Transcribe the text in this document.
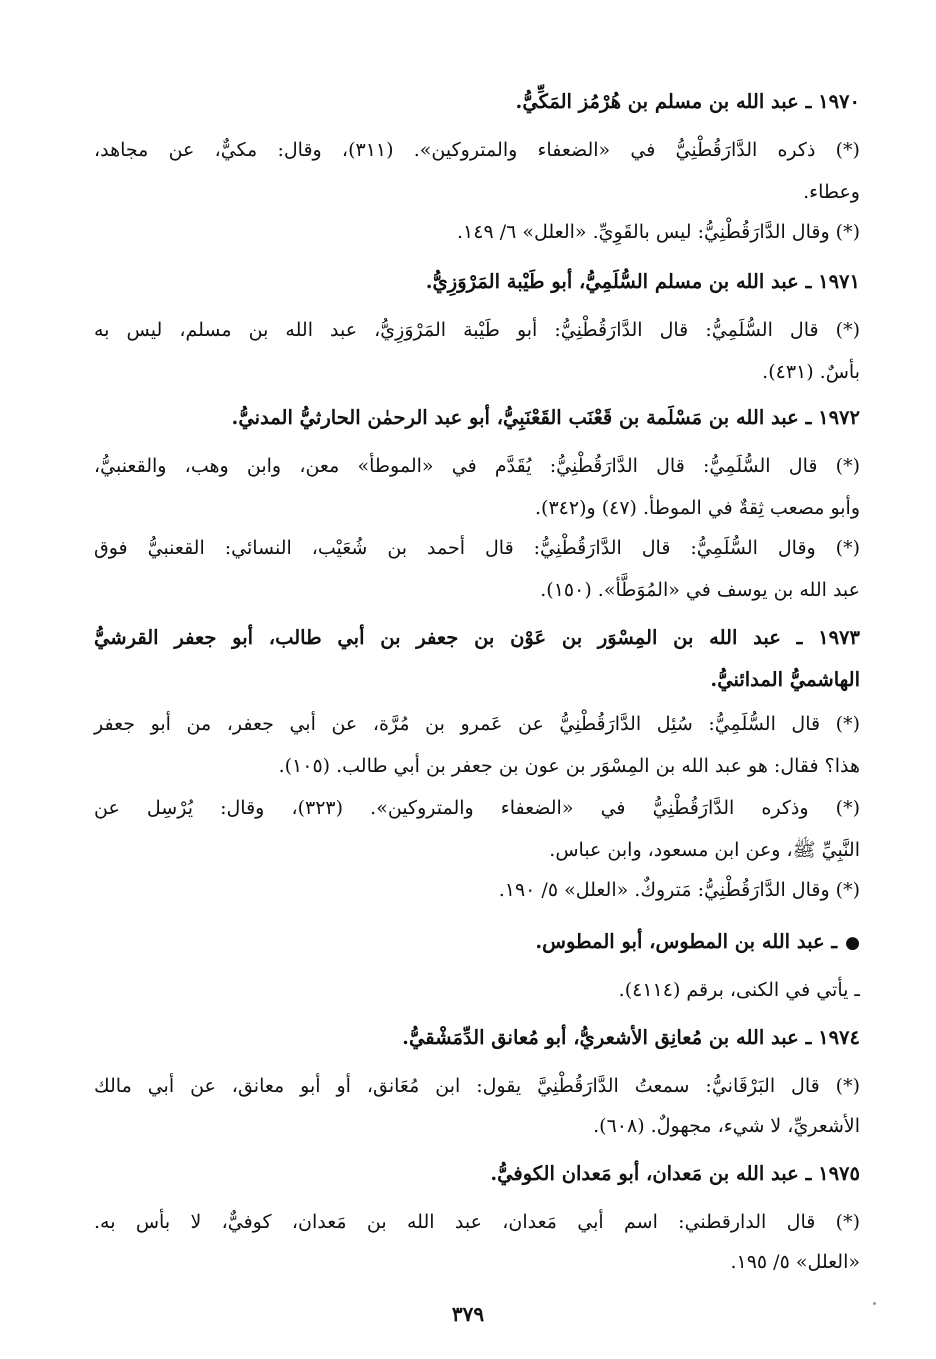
١٩٧٠ ـ عبد الله بن مسلم بن هُرْمُز المَكِّيُّ.
(*) ذكره الدَّارَقُطْنِيُّ في «الضعفاء والمتروكين». (٣١١)، وقال: مكيٌّ، عن مجاهد،
وعطاء.
(*) وقال الدَّارَقُطْنِيُّ: ليس بالقَوِيِّ. «العلل» ٦/ ١٤٩.
١٩٧١ ـ عبد الله بن مسلم السُّلَمِيُّ، أبو طَيْبة المَرْوَزِيُّ.
(*) قال السُّلَمِيُّ: قال الدَّارَقُطْنِيُّ: أبو طَيْبة المَرْوَزِيُّ، عبد الله بن مسلم، ليس به
بأسٌ. (٤٣١).
١٩٧٢ ـ عبد الله بن مَسْلَمة بن قَعْنَب القَعْنَبِيُّ، أبو عبد الرحمٰن الحارثيُّ المدنيُّ.
(*) قال السُّلَمِيُّ: قال الدَّارَقُطْنِيُّ: يُقَدَّم في «الموطأ» معن، وابن وهب، والقعنبيُّ،
وأبو مصعب ثِقةٌ في الموطأ. (٤٧) و(٣٤٢).
(*) وقال السُّلَمِيُّ: قال الدَّارَقُطْنِيُّ: قال أحمد بن شُعَيْب، النسائي: القعنبيُّ فوق
عبد الله بن يوسف في «المُوَطَّأ». (١٥٠).
١٩٧٣ ـ عبد الله بن المِسْوَر بن عَوْن بن جعفر بن أبي طالب، أبو جعفر القرشيُّ
الهاشميُّ المدائنيُّ.
(*) قال السُّلَمِيُّ: سُئِل الدَّارَقُطْنِيُّ عن عَمرو بن مُرَّة، عن أبي جعفر، من أبو جعفر
هذا؟ فقال: هو عبد الله بن المِسْوَر بن عون بن جعفر بن أبي طالب. (١٠٥).
(*) وذكره الدَّارَقُطْنِيُّ في «الضعفاء والمتروكين». (٣٢٣)، وقال: يُرْسِل عن
النَّبِيِّ ﷺ، وعن ابن مسعود، وابن عباس.
(*) وقال الدَّارَقُطْنِيُّ: مَتروكٌ. «العلل» ٥/ ١٩٠.
●ـ عبد الله بن المطوس، أبو المطوس.
ـ يأتي في الكنى، برقم (٤١١٤).
١٩٧٤ ـ عبد الله بن مُعانِق الأشعريُّ، أبو مُعانق الدِّمَشْقيُّ.
(*) قال البَرْقَانيُّ: سمعتُ الدَّارَقُطْنِيَّ يقول: ابن مُعَانق، أو أبو معانق، عن أبي مالك
الأشعريِّ، لا شيء، مجهولٌ. (٦٠٨).
١٩٧٥ ـ عبد الله بن مَعدان، أبو مَعدان الكوفيُّ.
(*) قال الدارقطني: اسم أبي مَعدان، عبد الله بن مَعدان، كوفيٌّ، لا بأس به.
«العلل» ٥/ ١٩٥.
٣٧٩
